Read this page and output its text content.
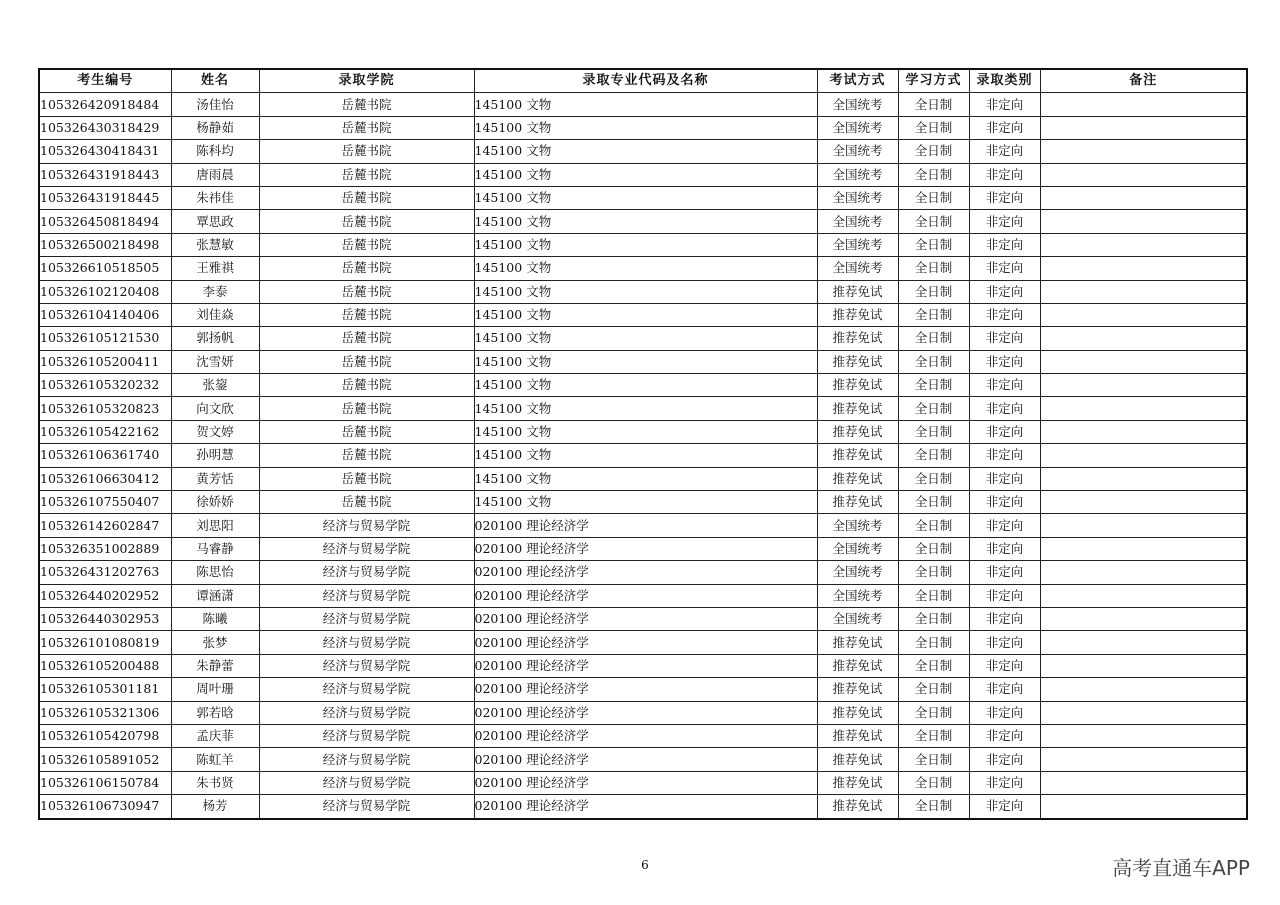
考生编号	姓名	录取学院	录取专业代码及名称	考试方式	学习方式	录取类别	备注
105326420918484	汤佳怡	岳麓书院	145100 文物	全国统考	全日制	非定向	
105326430318429	杨静茹	岳麓书院	145100 文物	全国统考	全日制	非定向	
105326430418431	陈科均	岳麓书院	145100 文物	全国统考	全日制	非定向	
105326431918443	唐雨晨	岳麓书院	145100 文物	全国统考	全日制	非定向	
105326431918445	朱祎佳	岳麓书院	145100 文物	全国统考	全日制	非定向	
105326450818494	覃思政	岳麓书院	145100 文物	全国统考	全日制	非定向	
105326500218498	张慧敏	岳麓书院	145100 文物	全国统考	全日制	非定向	
105326610518505	王雅祺	岳麓书院	145100 文物	全国统考	全日制	非定向	
105326102120408	李泰	岳麓书院	145100 文物	推荐免试	全日制	非定向	
105326104140406	刘佳焱	岳麓书院	145100 文物	推荐免试	全日制	非定向	
105326105121530	郭扬帆	岳麓书院	145100 文物	推荐免试	全日制	非定向	
105326105200411	沈雪妍	岳麓书院	145100 文物	推荐免试	全日制	非定向	
105326105320232	张鋆	岳麓书院	145100 文物	推荐免试	全日制	非定向	
105326105320823	向文欣	岳麓书院	145100 文物	推荐免试	全日制	非定向	
105326105422162	贺文婷	岳麓书院	145100 文物	推荐免试	全日制	非定向	
105326106361740	孙明慧	岳麓书院	145100 文物	推荐免试	全日制	非定向	
105326106630412	黄芳恬	岳麓书院	145100 文物	推荐免试	全日制	非定向	
105326107550407	徐娇娇	岳麓书院	145100 文物	推荐免试	全日制	非定向	
105326142602847	刘思阳	经济与贸易学院	020100 理论经济学	全国统考	全日制	非定向	
105326351002889	马睿静	经济与贸易学院	020100 理论经济学	全国统考	全日制	非定向	
105326431202763	陈思怡	经济与贸易学院	020100 理论经济学	全国统考	全日制	非定向	
105326440202952	谭涵潇	经济与贸易学院	020100 理论经济学	全国统考	全日制	非定向	
105326440302953	陈曦	经济与贸易学院	020100 理论经济学	全国统考	全日制	非定向	
105326101080819	张梦	经济与贸易学院	020100 理论经济学	推荐免试	全日制	非定向	
105326105200488	朱静蕾	经济与贸易学院	020100 理论经济学	推荐免试	全日制	非定向	
105326105301181	周叶珊	经济与贸易学院	020100 理论经济学	推荐免试	全日制	非定向	
105326105321306	郭若晗	经济与贸易学院	020100 理论经济学	推荐免试	全日制	非定向	
105326105420798	孟庆菲	经济与贸易学院	020100 理论经济学	推荐免试	全日制	非定向	
105326105891052	陈虹羊	经济与贸易学院	020100 理论经济学	推荐免试	全日制	非定向	
105326106150784	朱书贤	经济与贸易学院	020100 理论经济学	推荐免试	全日制	非定向	
105326106730947	杨芳	经济与贸易学院	020100 理论经济学	推荐免试	全日制	非定向	
6	高考直通车APP
